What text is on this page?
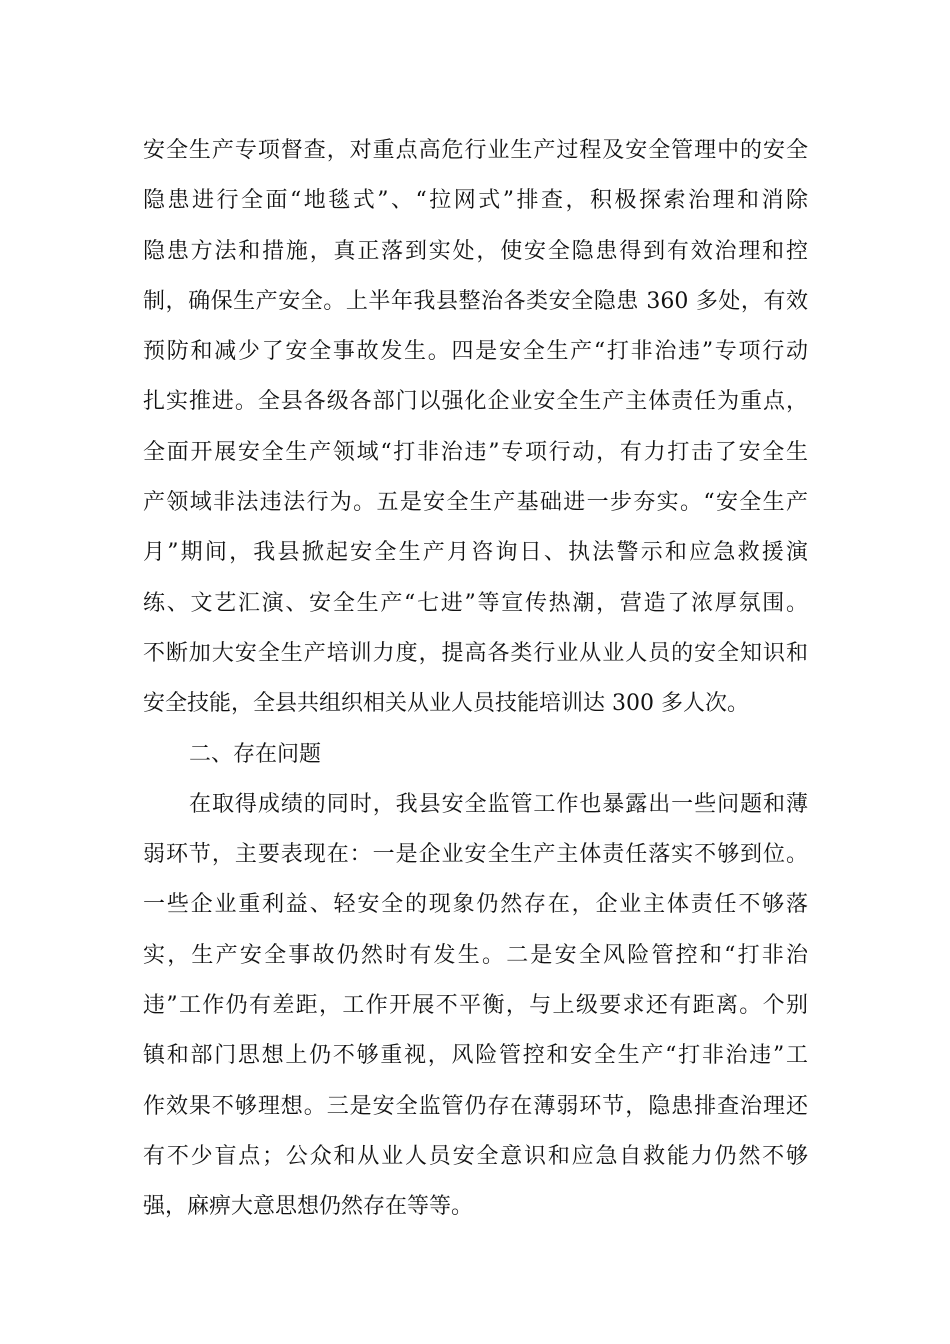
安全生产专项督查，对重点高危行业生产过程及安全管理中的安全
隐患进行全面“地毯式”、“拉网式”排查，积极探索治理和消除
隐患方法和措施，真正落到实处，使安全隐患得到有效治理和控
制，确保生产安全。上半年我县整治各类安全隐患 360 多处，有效
预防和减少了安全事故发生。四是安全生产“打非治违”专项行动
扎实推进。全县各级各部门以强化企业安全生产主体责任为重点，
全面开展安全生产领域“打非治违”专项行动，有力打击了安全生
产领域非法违法行为。五是安全生产基础进一步夯实。“安全生产
月”期间，我县掀起安全生产月咨询日、执法警示和应急救援演
练、文艺汇演、安全生产“七进”等宣传热潮，营造了浓厚氛围。
不断加大安全生产培训力度，提高各类行业从业人员的安全知识和
安全技能，全县共组织相关从业人员技能培训达 300 多人次。
二、存在问题
在取得成绩的同时，我县安全监管工作也暴露出一些问题和薄
弱环节，主要表现在：一是企业安全生产主体责任落实不够到位。
一些企业重利益、轻安全的现象仍然存在，企业主体责任不够落
实，生产安全事故仍然时有发生。二是安全风险管控和“打非治
违”工作仍有差距，工作开展不平衡，与上级要求还有距离。个别
镇和部门思想上仍不够重视，风险管控和安全生产“打非治违”工
作效果不够理想。三是安全监管仍存在薄弱环节，隐患排查治理还
有不少盲点；公众和从业人员安全意识和应急自救能力仍然不够
强，麻痹大意思想仍然存在等等。
